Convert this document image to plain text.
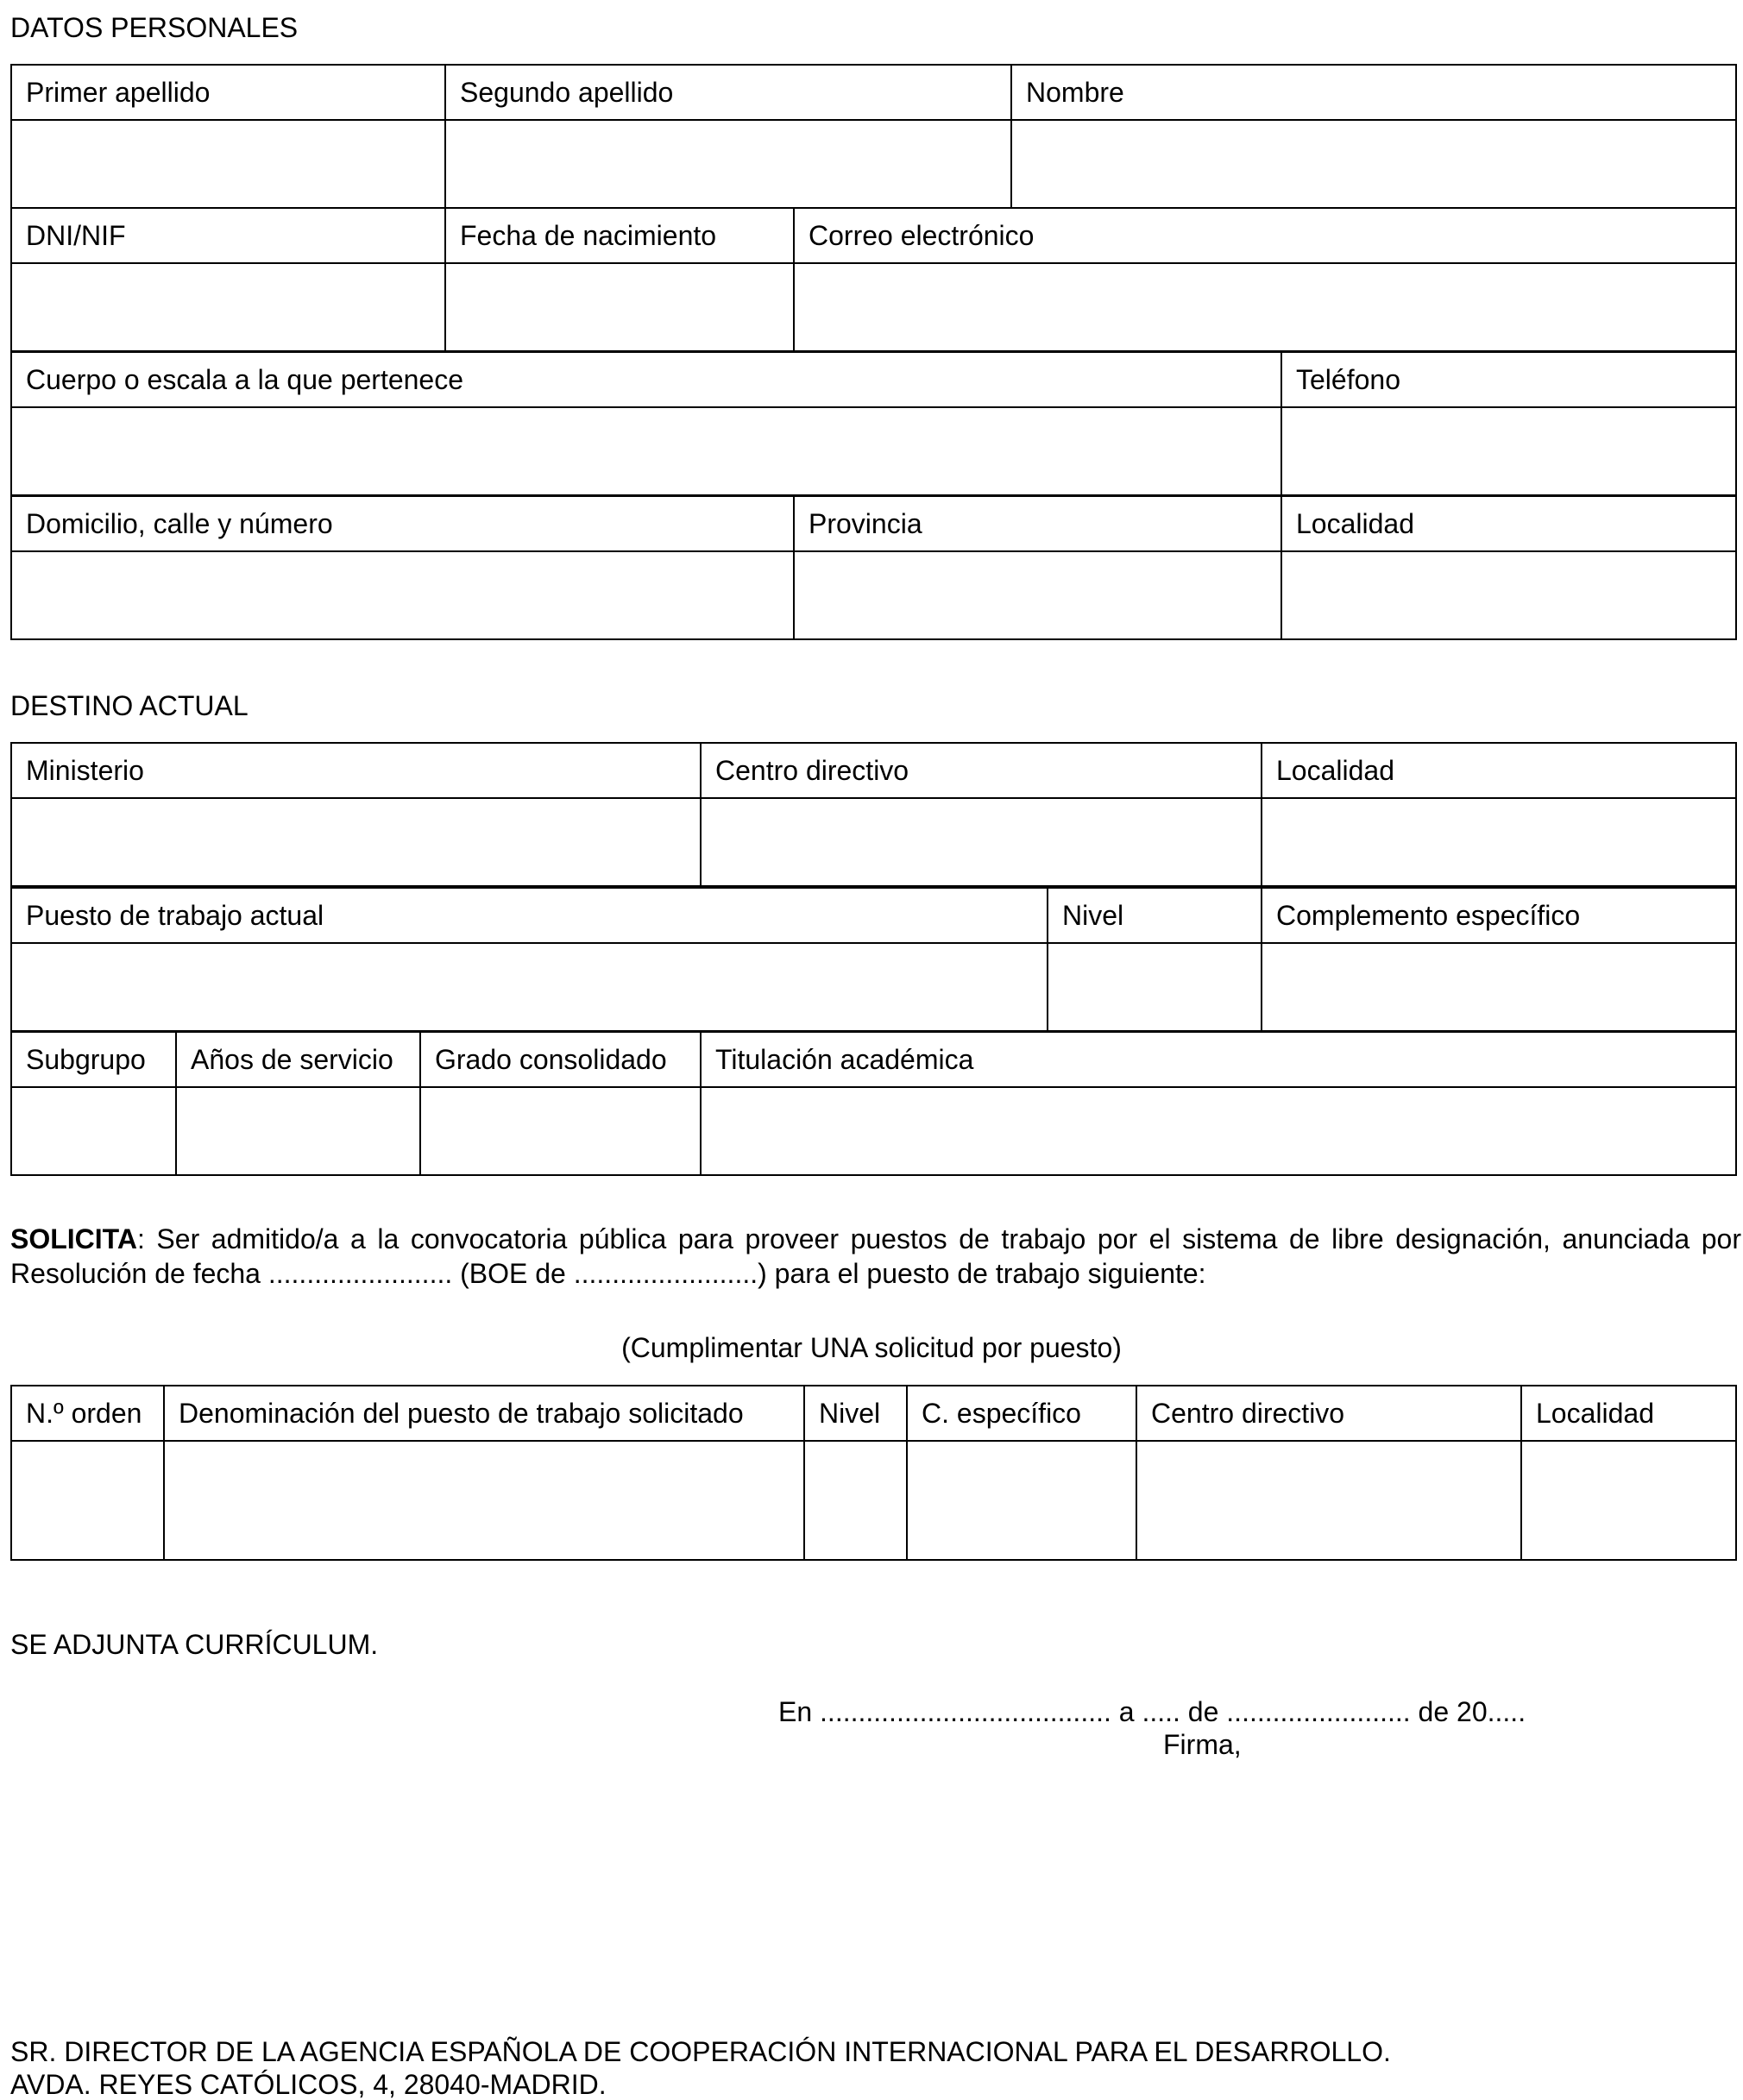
DATOS PERSONALES
Primer apellido	Segundo apellido	Nombre

DNI/NIF	Fecha de nacimiento	Correo electrónico

Cuerpo o escala a la que pertenece	Teléfono

Domicilio, calle y número	Provincia	Localidad

DESTINO ACTUAL
Ministerio	Centro directivo	Localidad

Puesto de trabajo actual	Nivel	Complemento específico

Subgrupo	Años de servicio	Grado consolidado	Titulación académica

SOLICITA: Ser admitido/a a la convocatoria pública para proveer puestos de trabajo por el sistema de libre designación, anunciada por
Resolución de fecha ........................ (BOE de ........................) para el puesto de trabajo siguiente:
(Cumplimentar UNA solicitud por puesto)
N.º orden	Denominación del puesto de trabajo solicitado	Nivel	C. específico	Centro directivo	Localidad

SE ADJUNTA CURRÍCULUM.
En ...................................... a ..... de ........................ de 20.....
Firma,
SR. DIRECTOR DE LA AGENCIA ESPAÑOLA DE COOPERACIÓN INTERNACIONAL PARA EL DESARROLLO.
AVDA. REYES CATÓLICOS, 4, 28040-MADRID.
